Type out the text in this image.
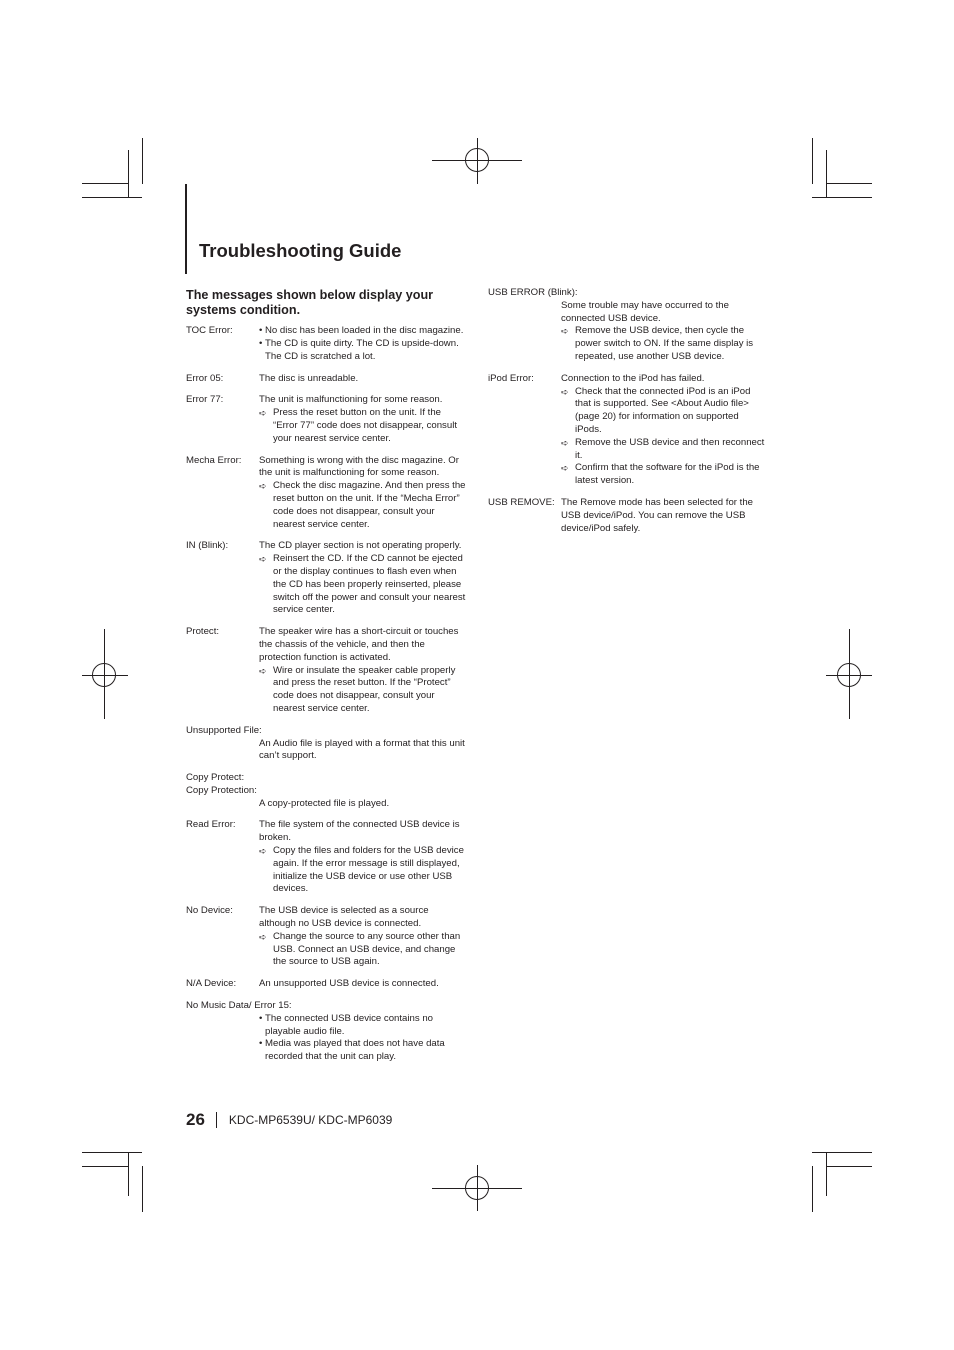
Troubleshooting Guide
The messages shown below display your systems condition.
TOC Error:
•	No disc has been loaded in the disc magazine.
• The CD is quite dirty. The CD is upside-down. The CD is scratched a lot.
Error 05:	The disc is unreadable.
Error 77:	The unit is malfunctioning for some reason.
➪ Press the reset button on the unit. If the “Error 77” code does not disappear, consult your nearest service center.
Mecha Error:	Something is wrong with the disc magazine. Or the unit is malfunctioning for some reason.
➪ Check the disc magazine. And then press the reset button on the unit. If the “Mecha Error” code does not disappear, consult your nearest service center.
IN (Blink):	The CD player section is not operating properly.
➪ Reinsert the CD. If the CD cannot be ejected or the display continues to flash even when the CD has been properly reinserted, please switch off the power and consult your nearest service center.
Protect:	The speaker wire has a short-circuit or touches the chassis of the vehicle, and then the protection function is activated.
➪ Wire or insulate the speaker cable properly and press the reset button. If the “Protect” code does not disappear, consult your nearest service center.
Unsupported File:
An Audio file is played with a format that this unit can’t support.
Copy Protect:
Copy Protection:
A copy-protected file is played.
Read Error:	The file system of the connected USB device is broken.
➪ Copy the files and folders for the USB device again. If the error message is still displayed, initialize the USB device or use other USB devices.
No Device:	The USB device is selected as a source although no USB device is connected.
➪ Change the source to any source other than USB. Connect an USB device, and change the source to USB again.
N/A Device:	An unsupported USB device is connected.
No Music Data/ Error 15:
• The connected USB device contains no playable audio file.
• Media was played that does not have data recorded that the unit can play.
USB ERROR (Blink):
Some trouble may have occurred to the connected USB device.
➪ Remove the USB device, then cycle the power switch to ON. If the same display is repeated, use another USB device.
iPod Error:	Connection to the iPod has failed.
➪ Check that the connected iPod is an iPod that is supported. See <About Audio file> (page 20) for information on supported iPods.
➪ Remove the USB device and then reconnect it.
➪ Confirm that the software for the iPod is the latest version.
USB REMOVE: The Remove mode has been selected for the USB device/iPod. You can remove the USB device/iPod safely.
26 KDC-MP6539U/ KDC-MP6039
